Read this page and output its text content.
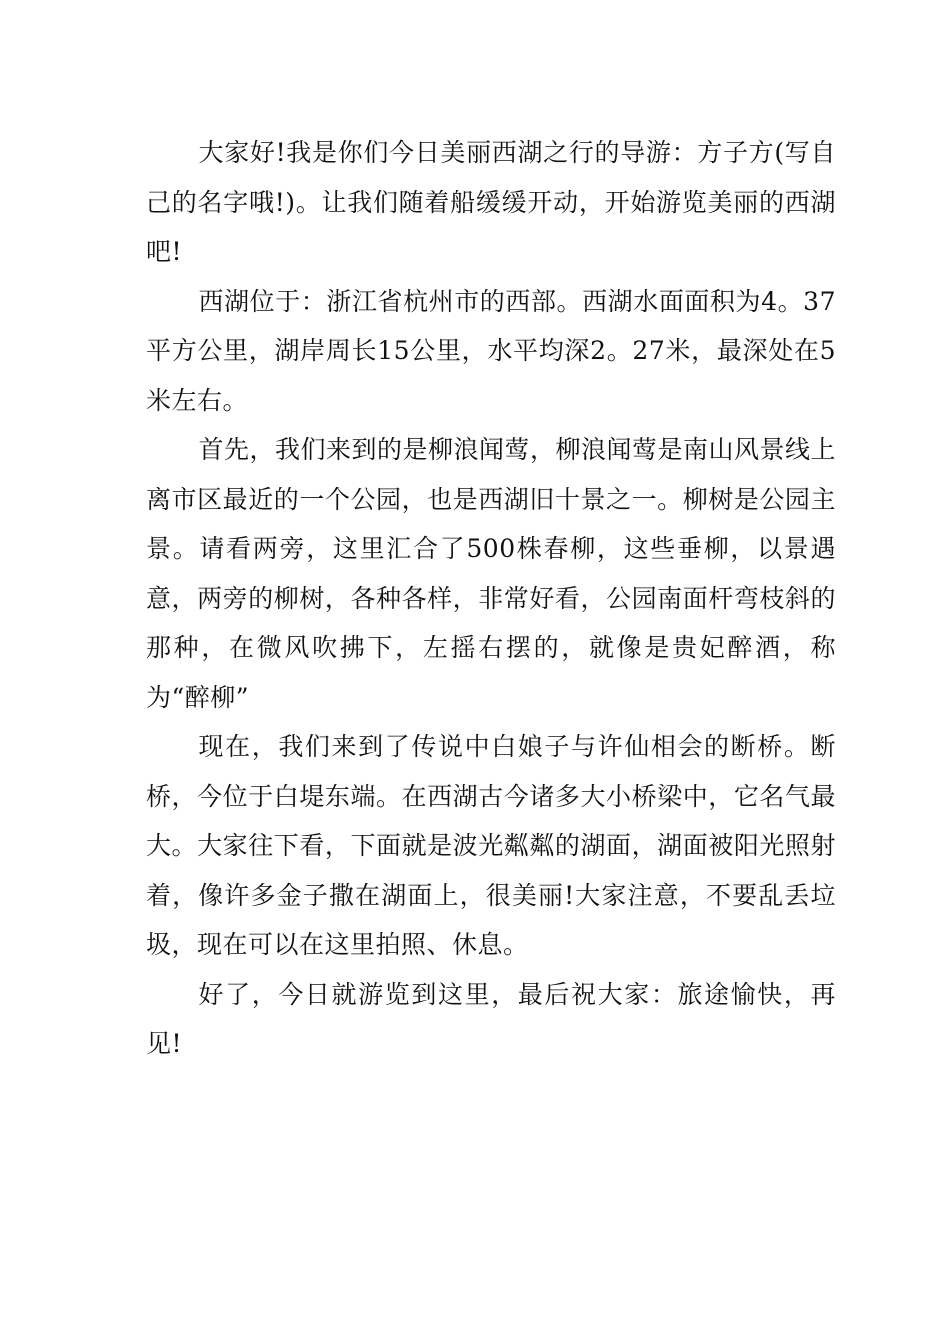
大家好!我是你们今日美丽西湖之行的导游：方子方(写自己的名字哦!)。让我们随着船缓缓开动，开始游览美丽的西湖吧!

西湖位于：浙江省杭州市的西部。西湖水面面积为4。37平方公里，湖岸周长15公里，水平均深2。27米，最深处在5米左右。

首先，我们来到的是柳浪闻莺，柳浪闻莺是南山风景线上离市区最近的一个公园，也是西湖旧十景之一。柳树是公园主景。请看两旁，这里汇合了500株春柳，这些垂柳，以景遇意，两旁的柳树，各种各样，非常好看，公园南面杆弯枝斜的那种，在微风吹拂下，左摇右摆的，就像是贵妃醉酒，称为“醉柳”

现在，我们来到了传说中白娘子与许仙相会的断桥。断桥，今位于白堤东端。在西湖古今诸多大小桥梁中，它名气最大。大家往下看，下面就是波光粼粼的湖面，湖面被阳光照射着，像许多金子撒在湖面上，很美丽!大家注意，不要乱丢垃圾，现在可以在这里拍照、休息。

好了，今日就游览到这里，最后祝大家：旅途愉快，再见!
